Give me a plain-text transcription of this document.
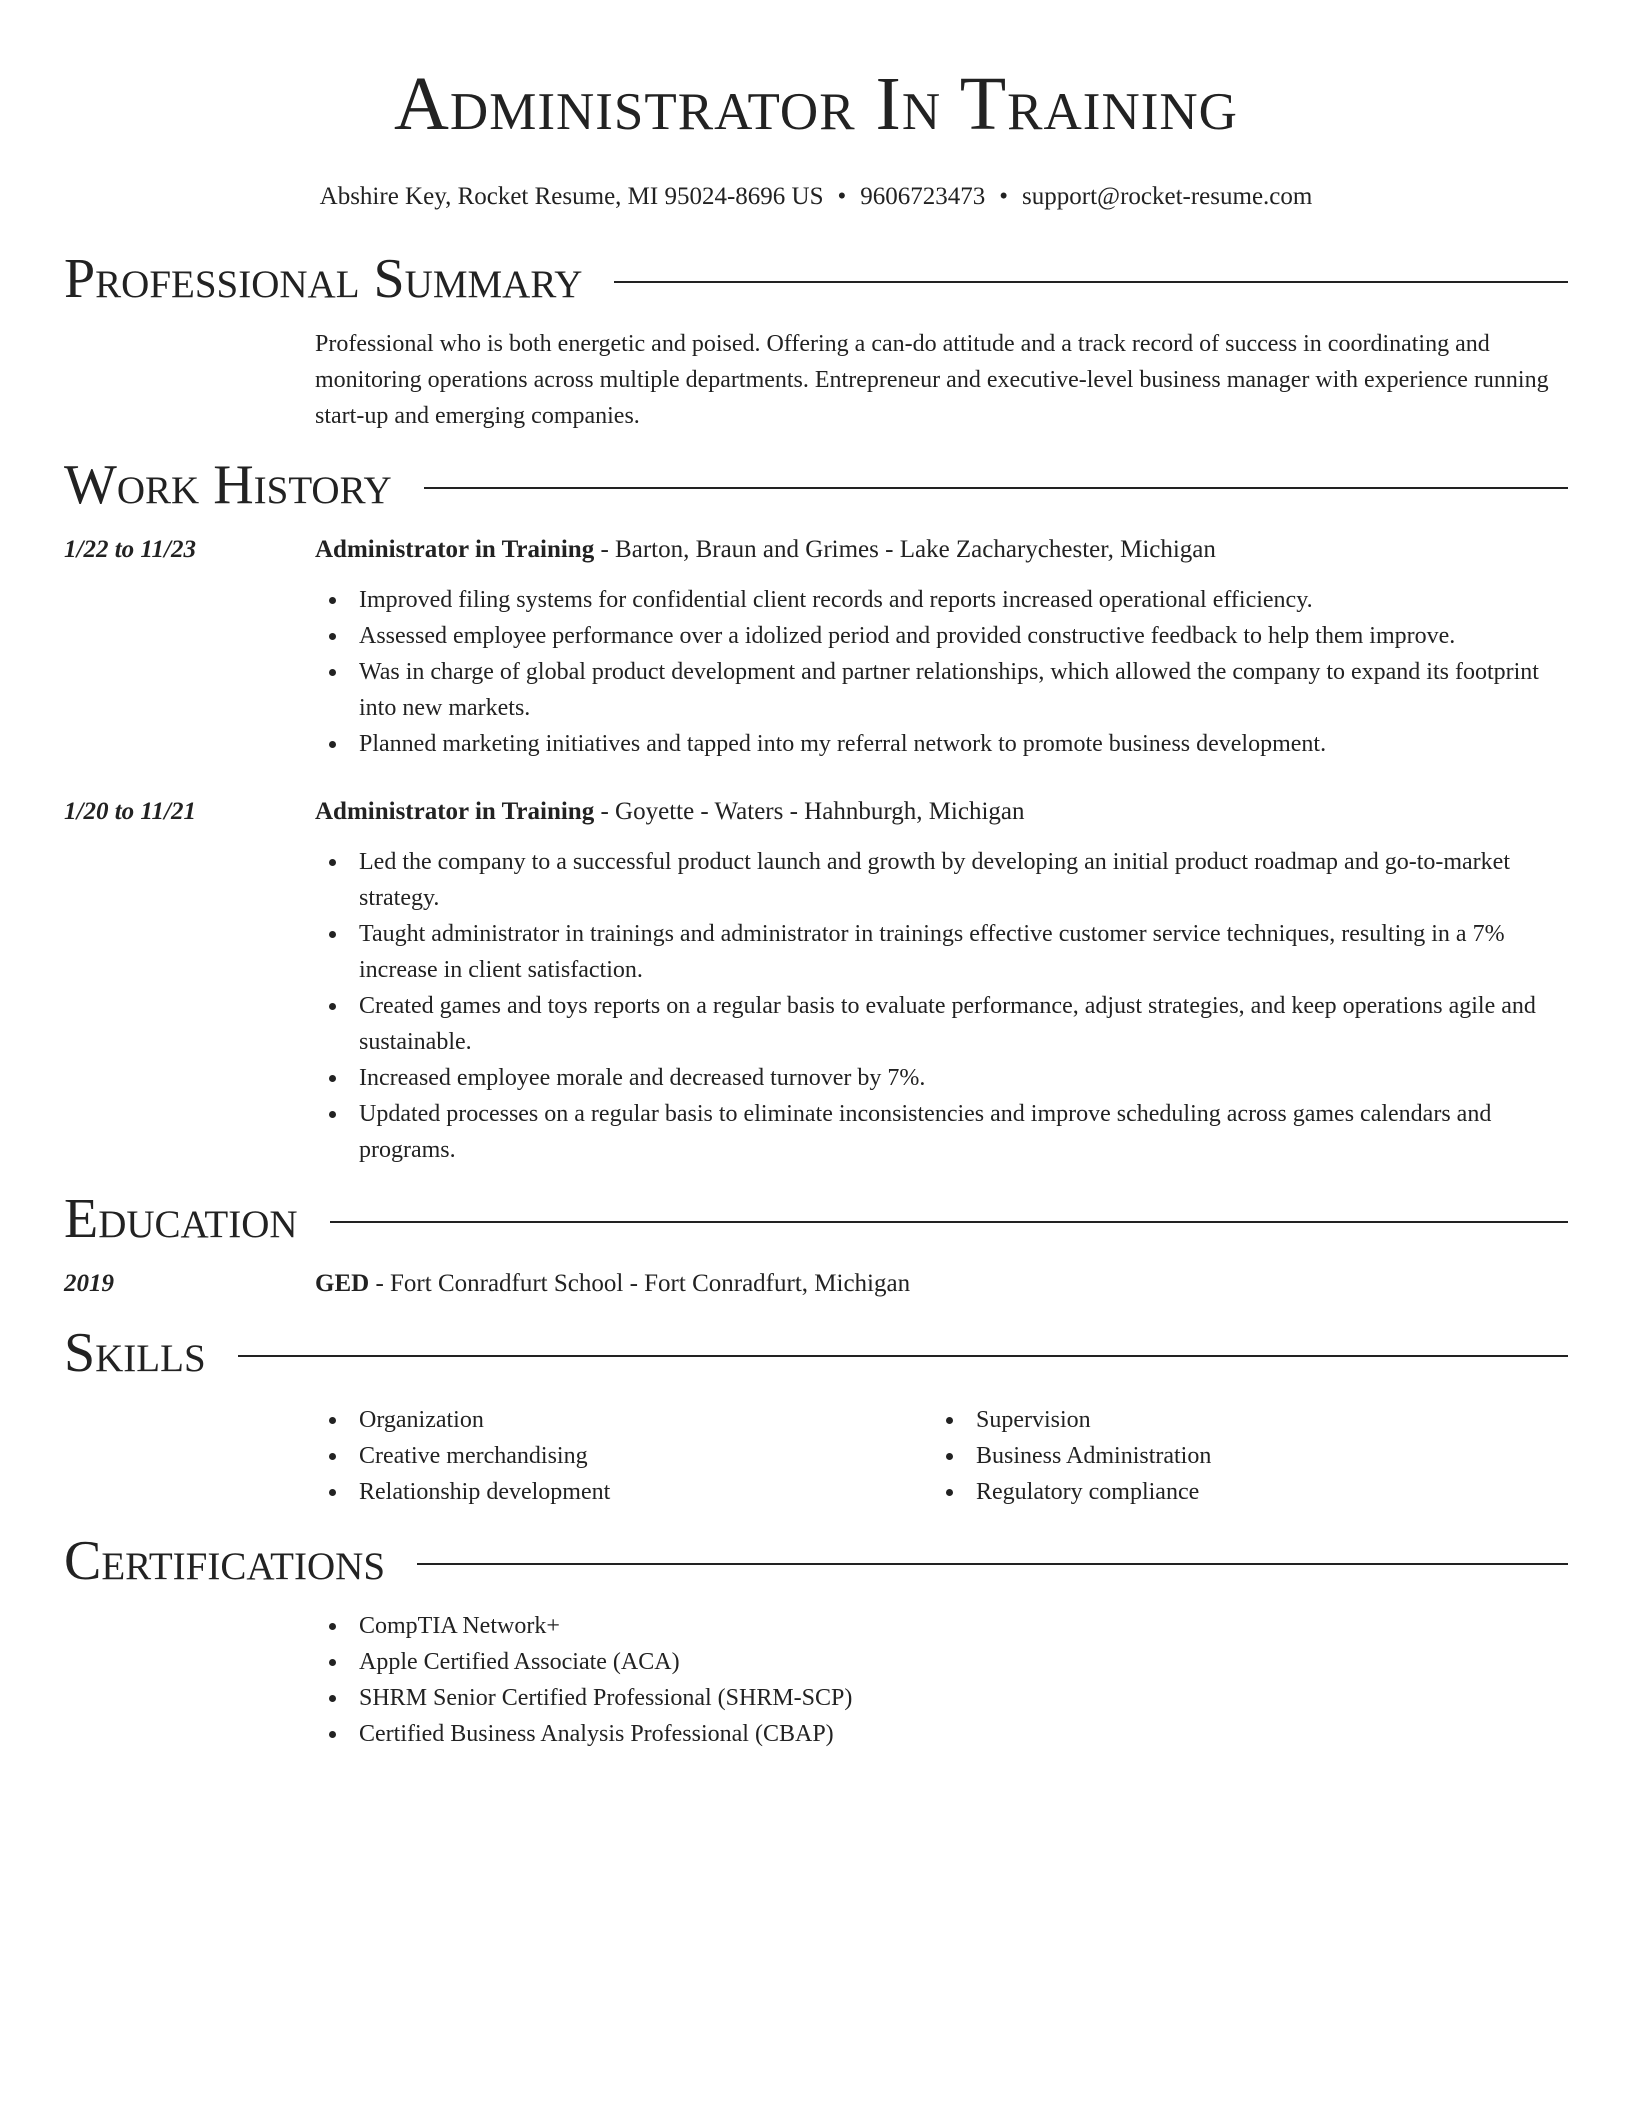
Administrator In Training
Abshire Key, Rocket Resume, MI 95024-8696 US • 9606723473 • support@rocket-resume.com
Professional Summary
Professional who is both energetic and poised. Offering a can-do attitude and a track record of success in coordinating and monitoring operations across multiple departments. Entrepreneur and executive-level business manager with experience running start-up and emerging companies.
Work History
1/22 to 11/23	Administrator in Training - Barton, Braun and Grimes - Lake Zacharychester, Michigan
Improved filing systems for confidential client records and reports increased operational efficiency.
Assessed employee performance over a idolized period and provided constructive feedback to help them improve.
Was in charge of global product development and partner relationships, which allowed the company to expand its footprint into new markets.
Planned marketing initiatives and tapped into my referral network to promote business development.
1/20 to 11/21	Administrator in Training - Goyette - Waters - Hahnburgh, Michigan
Led the company to a successful product launch and growth by developing an initial product roadmap and go-to-market strategy.
Taught administrator in trainings and administrator in trainings effective customer service techniques, resulting in a 7% increase in client satisfaction.
Created games and toys reports on a regular basis to evaluate performance, adjust strategies, and keep operations agile and sustainable.
Increased employee morale and decreased turnover by 7%.
Updated processes on a regular basis to eliminate inconsistencies and improve scheduling across games calendars and programs.
Education
2019	GED - Fort Conradfurt School - Fort Conradfurt, Michigan
Skills
Organization
Creative merchandising
Relationship development
Supervision
Business Administration
Regulatory compliance
Certifications
CompTIA Network+
Apple Certified Associate (ACA)
SHRM Senior Certified Professional (SHRM-SCP)
Certified Business Analysis Professional (CBAP)
